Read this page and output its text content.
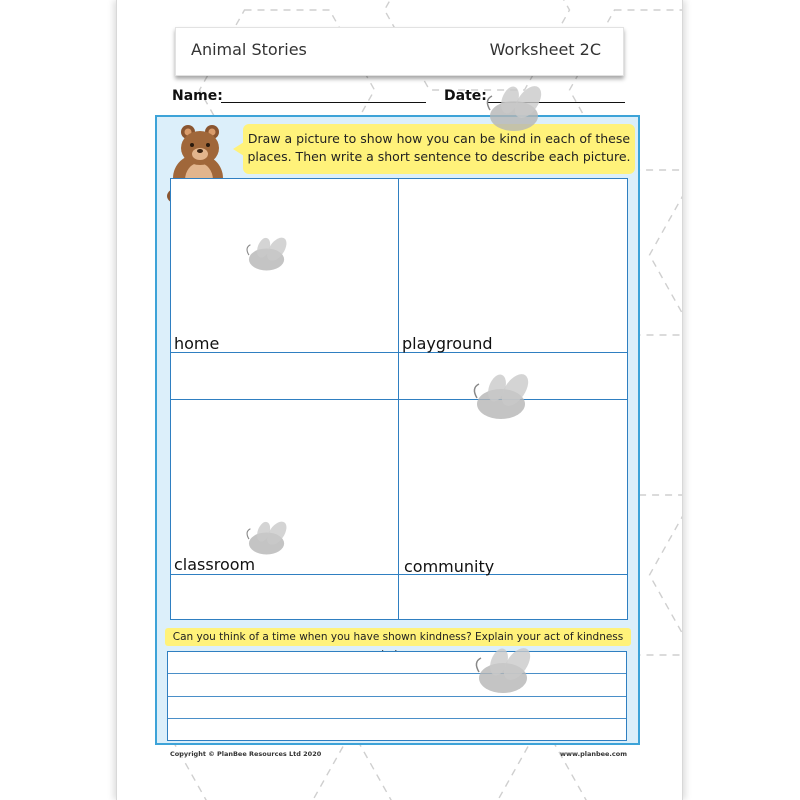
Animal Stories	Worksheet 2C
Name:	Date:
Draw a picture to show how you can be kind in each of these places. Then write a short sentence to describe each picture.
home	playground
classroom	community
Can you think of a time when you have shown kindness? Explain your act of kindness
Copyright © PlanBee Resources Ltd 2020	www.planbee.com
